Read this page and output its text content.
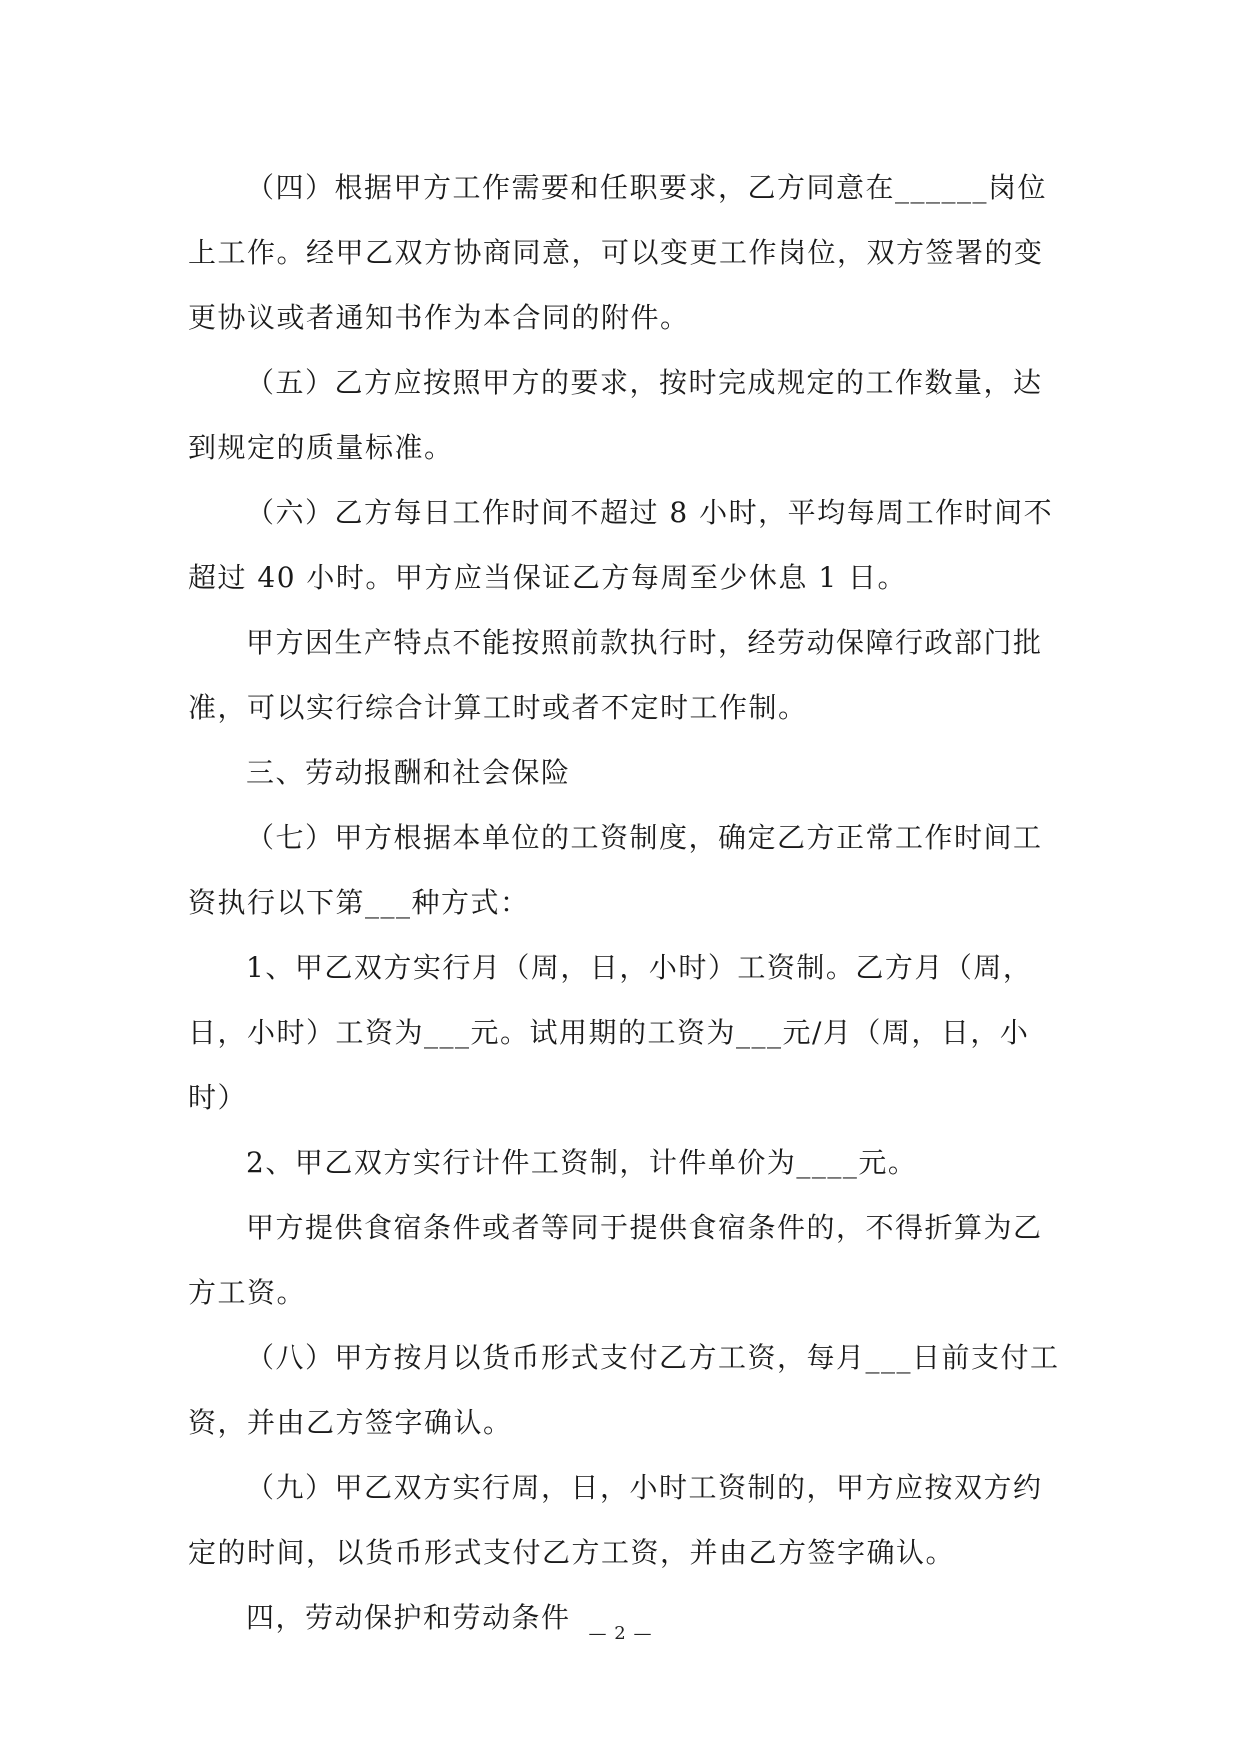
（四）根据甲方工作需要和任职要求，乙方同意在______岗位上工作。经甲乙双方协商同意，可以变更工作岗位，双方签署的变更协议或者通知书作为本合同的附件。

（五）乙方应按照甲方的要求，按时完成规定的工作数量，达到规定的质量标准。

（六）乙方每日工作时间不超过 8 小时，平均每周工作时间不超过 40 小时。甲方应当保证乙方每周至少休息 1 日。

甲方因生产特点不能按照前款执行时，经劳动保障行政部门批准，可以实行综合计算工时或者不定时工作制。

三、劳动报酬和社会保险

（七）甲方根据本单位的工资制度，确定乙方正常工作时间工资执行以下第___种方式：

1、甲乙双方实行月（周，日，小时）工资制。乙方月（周，日，小时）工资为___元。试用期的工资为___元/月（周，日，小时）

2、甲乙双方实行计件工资制，计件单价为____元。

甲方提供食宿条件或者等同于提供食宿条件的，不得折算为乙方工资。

（八）甲方按月以货币形式支付乙方工资，每月___日前支付工资，并由乙方签字确认。

（九）甲乙双方实行周，日，小时工资制的，甲方应按双方约定的时间，以货币形式支付乙方工资，并由乙方签字确认。

四，劳动保护和劳动条件	— 2 —
